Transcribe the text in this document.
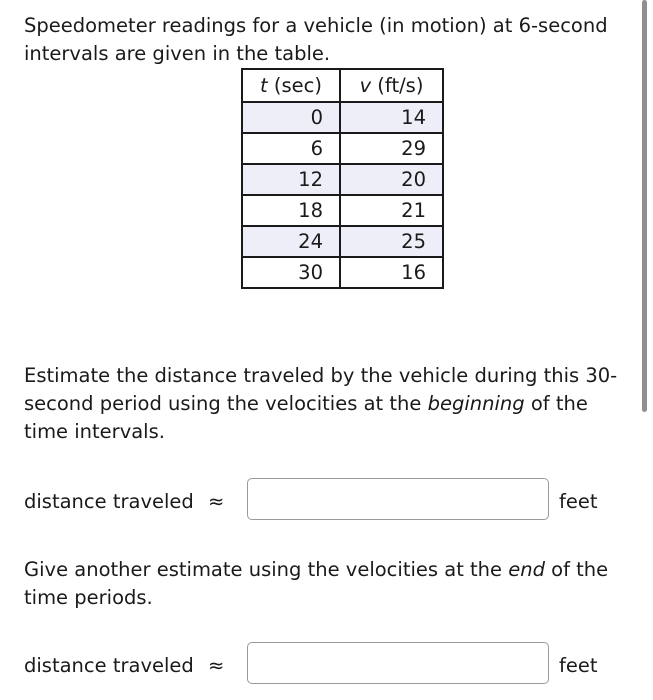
Speedometer readings for a vehicle (in motion) at 6-second intervals are given in the table.

t (sec)	v (ft/s)
0	14
6	29
12	20
18	21
24	25
30	16

Estimate the distance traveled by the vehicle during this 30-second period using the velocities at the beginning of the time intervals.

distance traveled ≈	feet

Give another estimate using the velocities at the end of the time periods.

distance traveled ≈	feet
